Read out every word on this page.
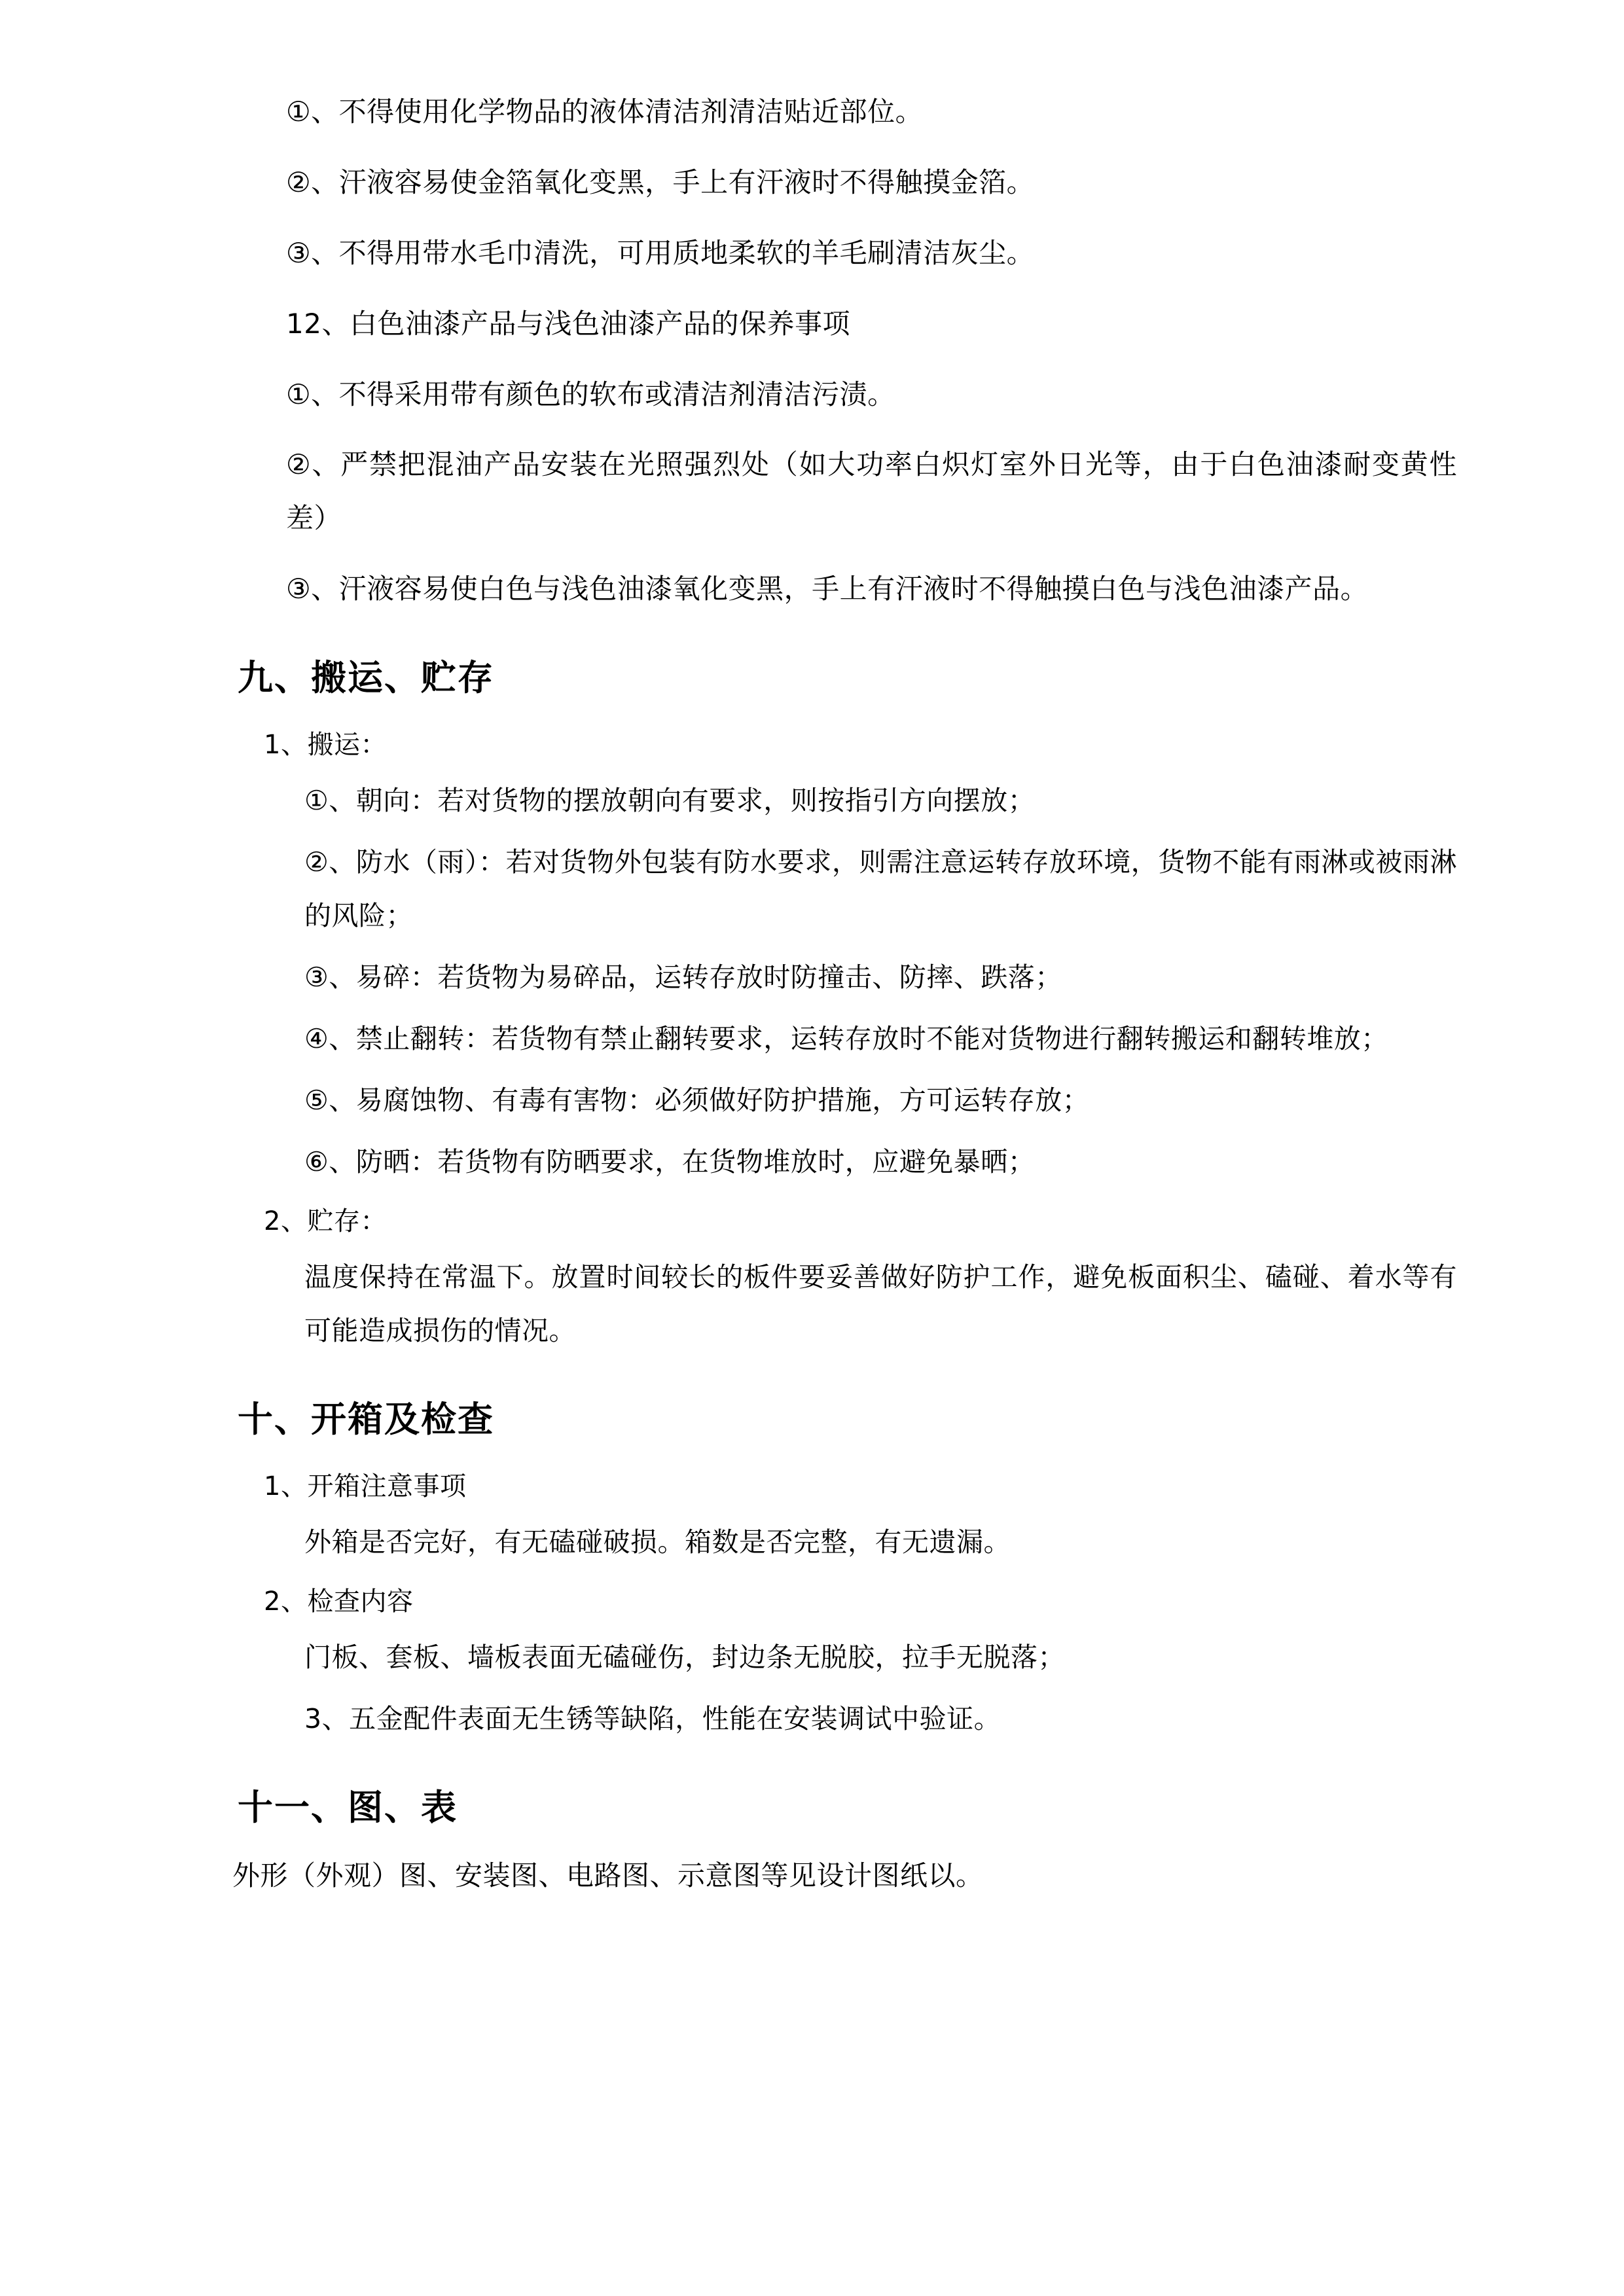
①、不得使用化学物品的液体清洁剂清洁贴近部位。

②、汗液容易使金箔氧化变黑，手上有汗液时不得触摸金箔。

③、不得用带水毛巾清洗，可用质地柔软的羊毛刷清洁灰尘。

12、白色油漆产品与浅色油漆产品的保养事项

①、不得采用带有颜色的软布或清洁剂清洁污渍。

②、严禁把混油产品安装在光照强烈处（如大功率白炽灯室外日光等，由于白色油漆耐变黄性差）

③、汗液容易使白色与浅色油漆氧化变黑，手上有汗液时不得触摸白色与浅色油漆产品。

九、搬运、贮存

1、搬运：

①、朝向：若对货物的摆放朝向有要求，则按指引方向摆放；

②、防水（雨）：若对货物外包装有防水要求，则需注意运转存放环境，货物不能有雨淋或被雨淋的风险；

③、易碎：若货物为易碎品，运转存放时防撞击、防摔、跌落；

④、禁止翻转：若货物有禁止翻转要求，运转存放时不能对货物进行翻转搬运和翻转堆放；

⑤、易腐蚀物、有毒有害物：必须做好防护措施，方可运转存放；

⑥、防晒：若货物有防晒要求，在货物堆放时，应避免暴晒；

2、贮存：

温度保持在常温下。放置时间较长的板件要妥善做好防护工作，避免板面积尘、磕碰、着水等有可能造成损伤的情况。

十、开箱及检查

1、开箱注意事项

外箱是否完好，有无磕碰破损。箱数是否完整，有无遗漏。

2、检查内容

门板、套板、墙板表面无磕碰伤，封边条无脱胶，拉手无脱落；

3、五金配件表面无生锈等缺陷，性能在安装调试中验证。

十一、图、表

外形（外观）图、安装图、电路图、示意图等见设计图纸以。
